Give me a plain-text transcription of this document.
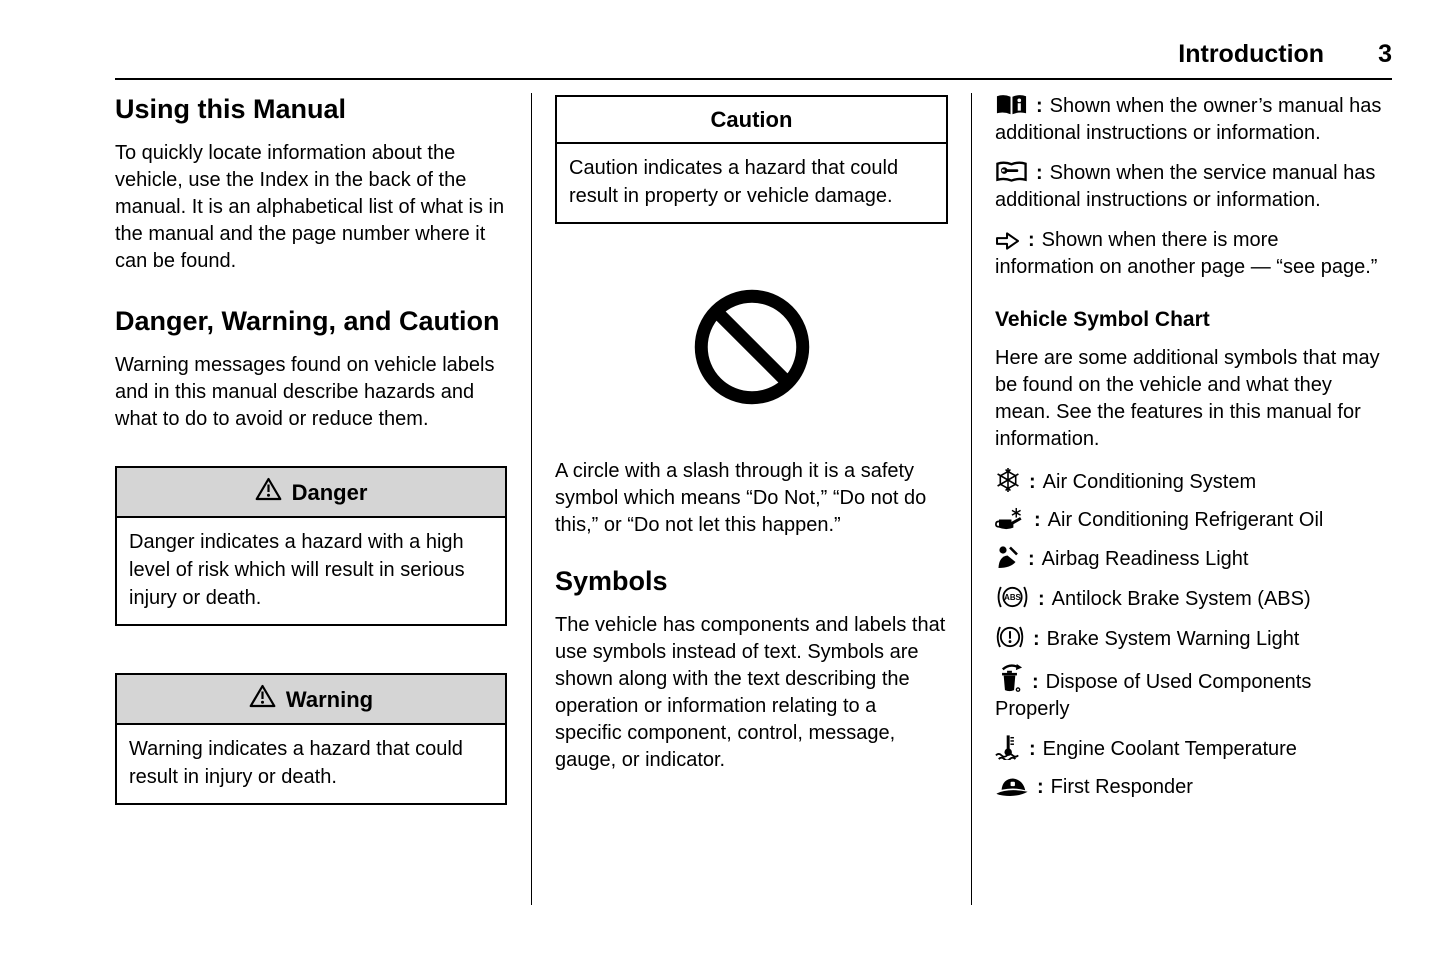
Introduction 3
Using this Manual

To quickly locate information about the vehicle, use the Index in the back of the manual. It is an alphabetical list of what is in the manual and the page number where it can be found.

Danger, Warning, and Caution

Warning messages found on vehicle labels and in this manual describe hazards and what to do to avoid or reduce them.

Danger
Danger indicates a hazard with a high level of risk which will result in serious injury or death.
Warning
Warning indicates a hazard that could result in injury or death.
Caution
Caution indicates a hazard that could result in property or vehicle damage.

A circle with a slash through it is a safety symbol which means “Do Not,” “Do not do this,” or “Do not let this happen.”

Symbols

The vehicle has components and labels that use symbols instead of text. Symbols are shown along with the text describing the operation or information relating to a specific component, control, message, gauge, or indicator.

: Shown when the owner’s manual has additional instructions or information.

: Shown when the service manual has additional instructions or information.

: Shown when there is more information on another page — “see page.”

Vehicle Symbol Chart

Here are some additional symbols that may be found on the vehicle and what they mean. See the features in this manual for information.

: Air Conditioning System

: Air Conditioning Refrigerant Oil

: Airbag Readiness Light

ABS : Antilock Brake System (ABS)

: Brake System Warning Light

: Dispose of Used Components Properly

: Engine Coolant Temperature

: First Responder
